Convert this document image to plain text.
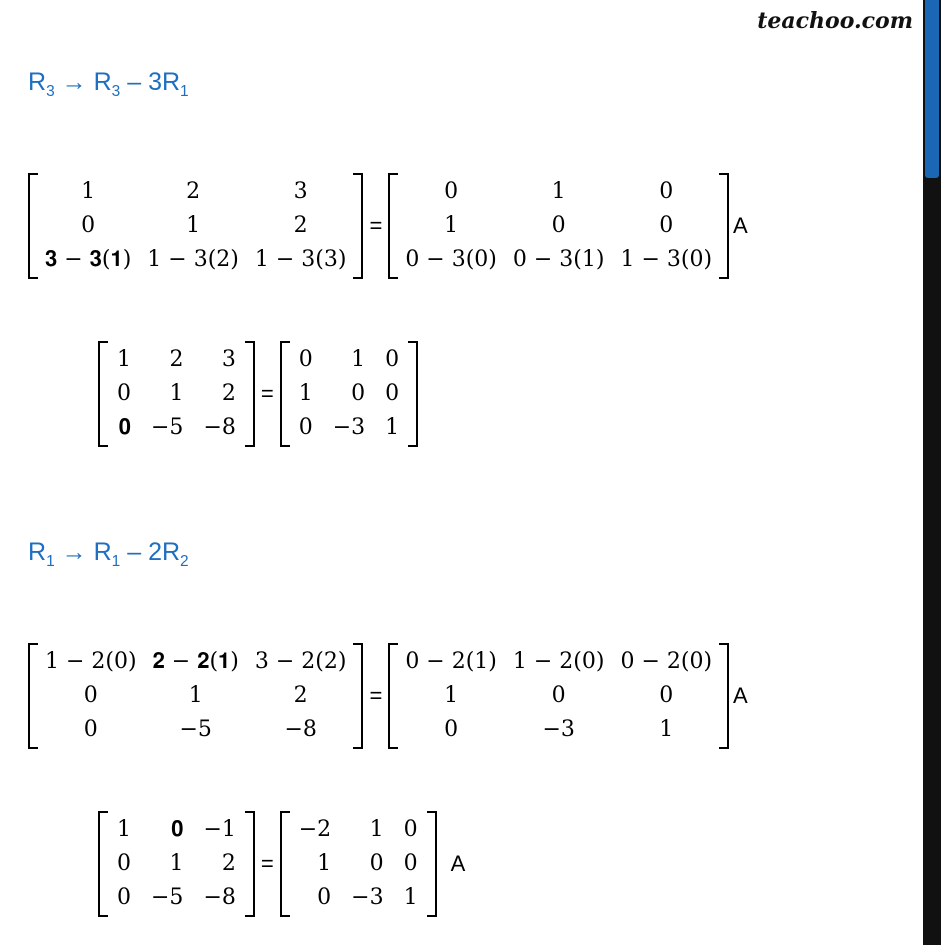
teachoo.com
$R_3 \to R_3 - 3R_1$
1	2	3
0	1	2
𝟑 − 𝟑(𝟏)	1 − 3(2)	1 − 3(3)
=
0	1	0
1	0	0
0 − 3(0)	0 − 3(1)	1 − 3(0)
A
1	2	3
0	1	2
𝟎	−5	−8
=
0	1	0
1	0	0
0	−3	1
$R_1 \to R_1 - 2R_2$
1 − 2(0)	𝟐 − 𝟐(𝟏)	3 − 2(2)
0	1	2
0	−5	−8
=
0 − 2(1)	1 − 2(0)	0 − 2(0)
1	0	0
0	−3	1
A
1	𝟎	−1
0	1	2
0	−5	−8
=
−2	1	0
1	0	0
0	−3	1
A
